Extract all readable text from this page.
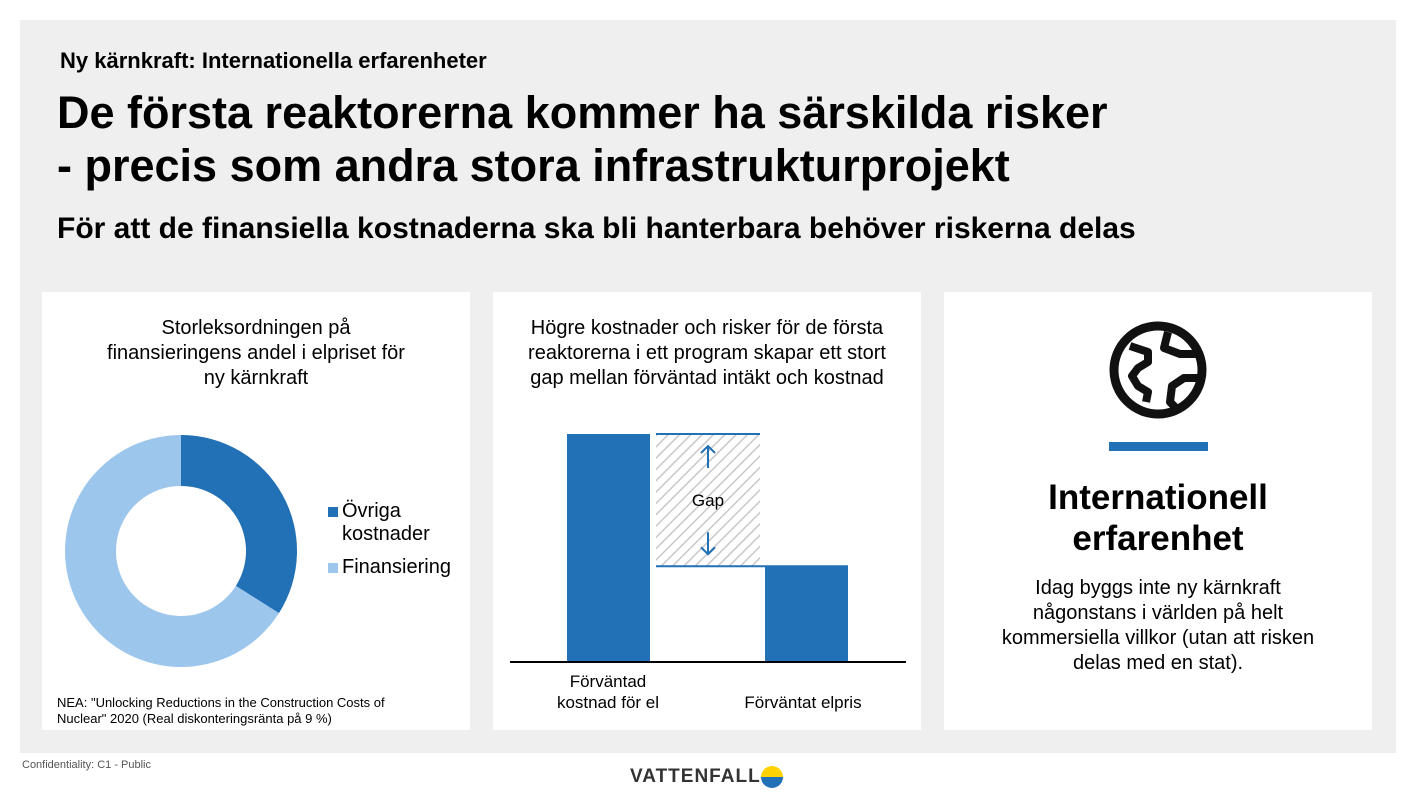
Ny kärnkraft: Internationella erfarenheter
De första reaktorerna kommer ha särskilda risker
- precis som andra stora infrastrukturprojekt
För att de finansiella kostnaderna ska bli hanterbara behöver riskerna delas
Storleksordningen på
finansieringens andel i elpriset för
ny kärnkraft
Övriga
kostnader
Finansiering
NEA: "Unlocking Reductions in the Construction Costs of
Nuclear" 2020 (Real diskonteringsränta på 9 %)
Högre kostnader och risker för de första
reaktorerna i ett program skapar ett stort
gap mellan förväntad intäkt och kostnad
Gap
Förväntad
kostnad för el	Förväntat elpris
Internationell
erfarenhet
Idag byggs inte ny kärnkraft
någonstans i världen på helt
kommersiella villkor (utan att risken
delas med en stat).
Confidentiality: C1 - Public
VATTENFALL
